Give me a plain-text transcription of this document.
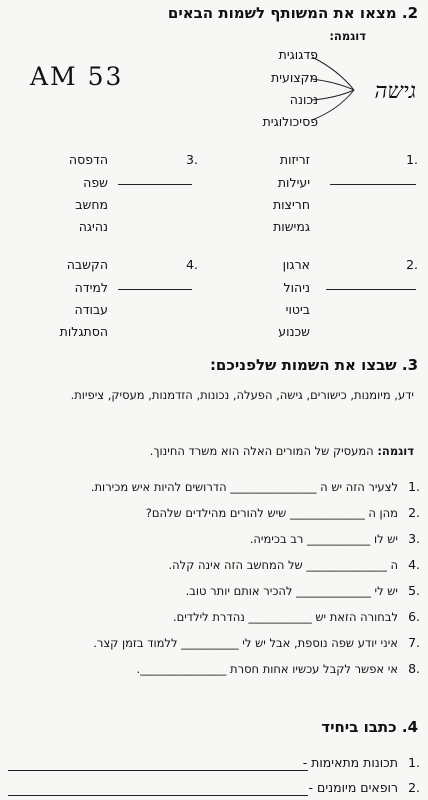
2. מצאו את המשותף לשמות הבאים
דוגמה:
AM 53
פדגוגית
מקצועית
נכונה
פסיכולוגית
גישה
1.
זריזות
יעילות
חריצות
גמישות
3.
הדפסה
שפה
מחשב
נהיגה
2.
ארגון
ניהול
ביטוי
שכנוע
4.
הקשבה
למידה
עבודה
הסתגלות
3. שבצו את השמות שלפניכם:
ידע, מיומנות, כישורים, גישה, הפעלה, נכונות, הזדמנות, מעסיק, ציפיות.
דוגמה: המעסיק של המורים האלה הוא משרד החינוך.
1.
לצעיר הזה יש ה _______________ הדרושים להיות איש מכירות.
2.
מהן ה _____________ שיש להורים מהילדים שלהם?
3.
יש לו ___________ רב בכימיה.
4.
ה ______________ של המחשב הזה אינה קלה.
5.
יש לי _____________ להכיר אותם יותר טוב.
6.
לבחורה הזאת יש ___________ נהדרת לילדים.
7.
איני יודע שפה נוספת, אבל יש לי __________ ללמוד בזמן קצר.
8.
אי אפשר לקבל עכשיו אחות חסרת _______________.
4. כתבו ביחיד
1.
תכונות מתאימות -
2.
רופאים מיומנים -
